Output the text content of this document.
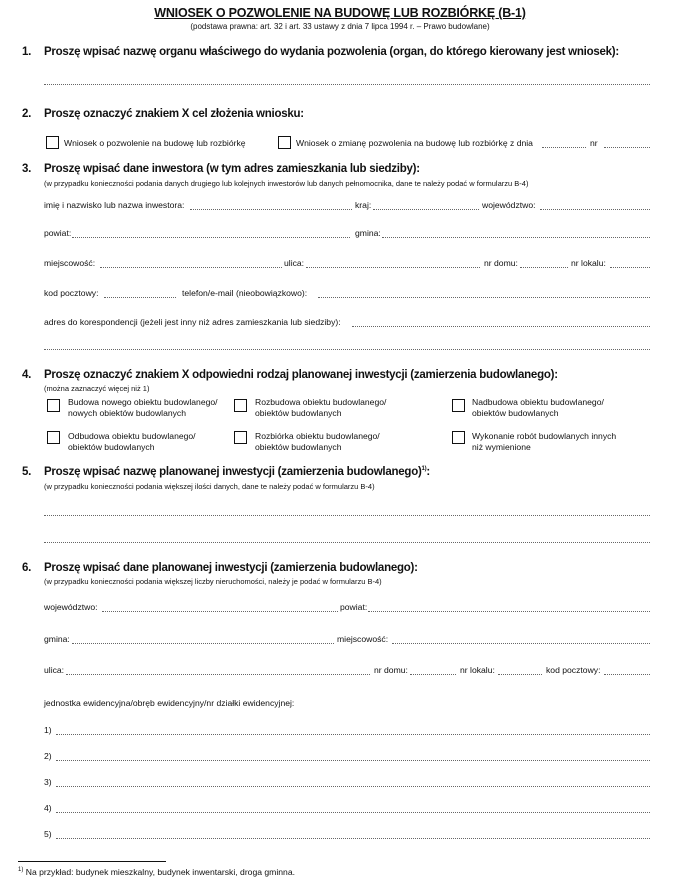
WNIOSEK O POZWOLENIE NA BUDOWĘ LUB ROZBIÓRKĘ (B-1)
(podstawa prawna: art. 32 i art. 33 ustawy z dnia 7 lipca 1994 r. – Prawo budowlane)
1. Proszę wpisać nazwę organu właściwego do wydania pozwolenia (organ, do którego kierowany jest wniosek):
2. Proszę oznaczyć znakiem X cel złożenia wniosku:
Wniosek o pozwolenie na budowę lub rozbiórkę	Wniosek o zmianę pozwolenia na budowę lub rozbiórkę z dnia	nr
3. Proszę wpisać dane inwestora (w tym adres zamieszkania lub siedziby):
(w przypadku konieczności podania danych drugiego lub kolejnych inwestorów lub danych pełnomocnika, dane te należy podać w formularzu B-4)
imię i nazwisko lub nazwa inwestora:	kraj:	województwo:
powiat:	gmina:
miejscowość:	ulica:	nr domu:	nr lokalu:
kod pocztowy:	telefon/e-mail (nieobowiązkowo):
adres do korespondencji (jeżeli jest inny niż adres zamieszkania lub siedziby):
4. Proszę oznaczyć znakiem X odpowiedni rodzaj planowanej inwestycji (zamierzenia budowlanego):
(można zaznaczyć więcej niż 1)
Budowa nowego obiektu budowlanego/
nowych obiektów budowlanych
Rozbudowa obiektu budowlanego/
obiektów budowlanych
Nadbudowa obiektu budowlanego/
obiektów budowlanych
Odbudowa obiektu budowlanego/
obiektów budowlanych
Rozbiórka obiektu budowlanego/
obiektów budowlanych
Wykonanie robót budowlanych innych
niż wymienione
5. Proszę wpisać nazwę planowanej inwestycji (zamierzenia budowlanego)$^{1)}$:
(w przypadku konieczności podania większej ilości danych, dane te należy podać w formularzu B-4)
6. Proszę wpisać dane planowanej inwestycji (zamierzenia budowlanego):
(w przypadku konieczności podania większej liczby nieruchomości, należy je podać w formularzu B-4)
województwo:	powiat:
gmina:	miejscowość:
ulica:	nr domu:	nr lokalu:	kod pocztowy:
jednostka ewidencyjna/obręb ewidencyjny/nr działki ewidencyjnej:
1)
2)
3)
4)
5)
$^{1)}$ Na przykład: budynek mieszkalny, budynek inwentarski, droga gminna.
